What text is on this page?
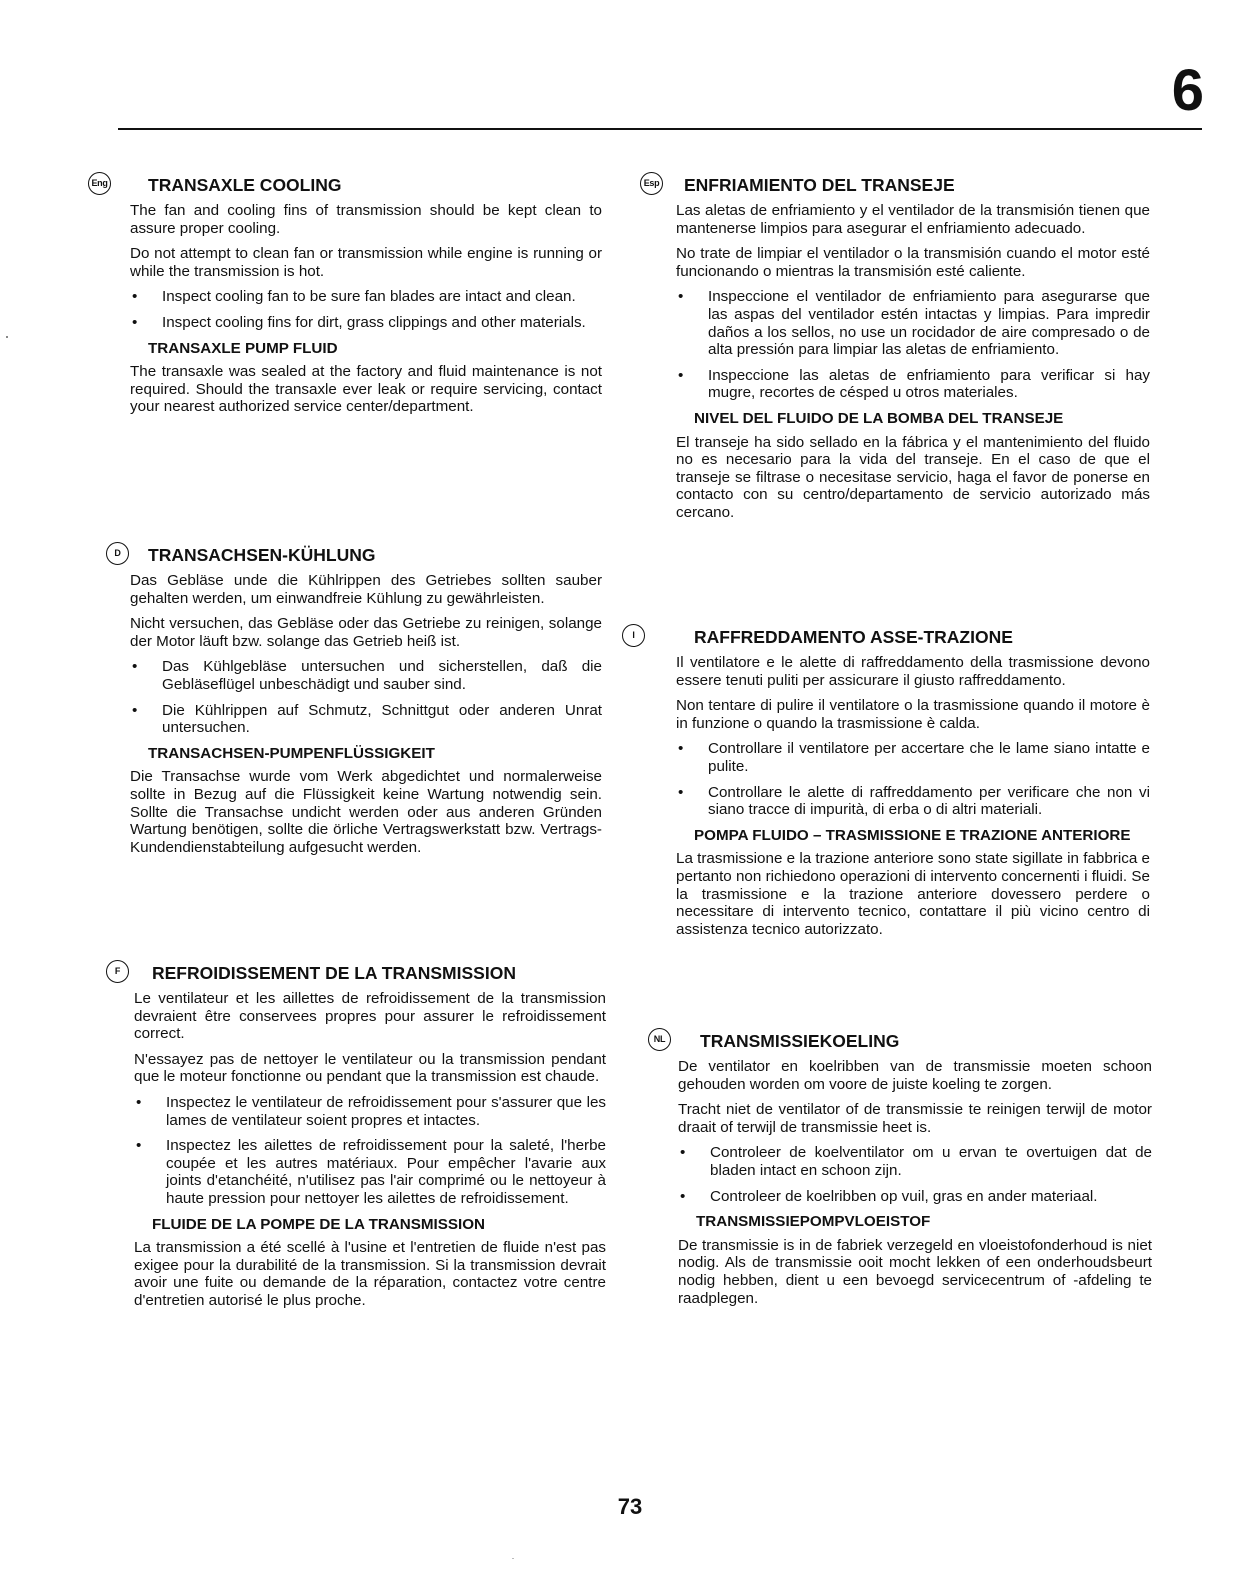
6
Eng TRANSAXLE COOLING

The fan and cooling fins of transmission should be kept clean to assure proper cooling.

Do not attempt to clean fan or transmission while engine is running or while the transmission is hot.

• Inspect cooling fan to be sure fan blades are intact and clean.
• Inspect cooling fins for dirt, grass clippings and other materials.
TRANSAXLE PUMP FLUID

The transaxle was sealed at the factory and fluid maintenance is not required. Should the transaxle ever leak or require servicing, contact your nearest authorized service center/department.

D	TRANSACHSEN-KÜHLUNG

Das Gebläse unde die Kühlrippen des Getriebes sollten sauber gehalten werden, um einwandfreie Kühlung zu gewährleisten.

Nicht versuchen, das Gebläse oder das Getriebe zu reinigen, solange der Motor läuft bzw. solange das Getrieb heiß ist.

• Das Kühlgebläse untersuchen und sicherstellen, daß die Gebläseflügel unbeschädigt und sauber sind.
• Die Kühlrippen auf Schmutz, Schnittgut oder anderen Unrat untersuchen.
TRANSACHSEN-PUMPENFLÜSSIGKEIT

Die Transachse wurde vom Werk abgedichtet und normalerweise sollte in Bezug auf die Flüssigkeit keine Wartung notwendig sein. Sollte die Transachse undicht werden oder aus anderen Gründen Wartung benötigen, sollte die örliche Vertragswerkstatt bzw. Vertrags-Kundendienstabteilung aufgesucht werden.

F	REFROIDISSEMENT DE LA TRANSMISSION

Le ventilateur et les aillettes de refroidissement de la transmission devraient être conservees propres pour assurer le refroidissement correct.

N'essayez pas de nettoyer le ventilateur ou la transmission pendant que le moteur fonctionne ou pendant que la transmission est chaude.

• Inspectez le ventilateur de refroidissement pour s'assurer que les lames de ventilateur soient propres et intactes.
• Inspectez les ailettes de refroidissement pour la saleté, l'herbe coupée et les autres matériaux. Pour empêcher l'avarie aux joints d'etanchéité, n'utilisez pas l'air comprimé ou le nettoyeur à haute pression pour nettoyer les ailettes de refroidissement.
FLUIDE DE LA POMPE DE LA TRANSMISSION

La transmission a été scellé à l'usine et l'entretien de fluide n'est pas exigee pour la durabilité de la transmission. Si la transmission devrait avoir une fuite ou demande de la réparation, contactez votre centre d'entretien autorisé le plus proche.

Esp ENFRIAMIENTO DEL TRANSEJE

Las aletas de enfriamiento y el ventilador de la transmisión tienen que mantenerse limpios para asegurar el enfriamiento adecuado.

No trate de limpiar el ventilador o la transmisión cuando el motor esté funcionando o mientras la transmisión esté caliente.

• Inspeccione el ventilador de enfriamiento para asegurarse que las aspas del ventilador estén intactas y limpias. Para impredir daños a los sellos, no use un rocidador de aire compresado o de alta pressión para limpiar las aletas de enfriamiento.
• Inspeccione las aletas de enfriamiento para verificar si hay mugre, recortes de césped u otros materiales.
NIVEL DEL FLUIDO DE LA BOMBA DEL TRANSEJE

El transeje ha sido sellado en la fábrica y el mantenimiento del fluido no es necesario para la vida del transeje. En el caso de que el transeje se filtrase o necesitase servicio, haga el favor de ponerse en contacto con su centro/departamento de servicio autorizado más cercano.

I	RAFFREDDAMENTO ASSE-TRAZIONE

Il ventilatore e le alette di raffreddamento della trasmissione devono essere tenuti puliti per assicurare il giusto raffreddamento.

Non tentare di pulire il ventilatore o la trasmissione quando il motore è in funzione o quando la trasmissione è calda.

• Controllare il ventilatore per accertare che le lame siano intatte e pulite.
• Controllare le alette di raffreddamento per verificare che non vi siano tracce di impurità, di erba o di altri materiali.
POMPA FLUIDO – TRASMISSIONE E TRAZIONE ANTERIORE

La trasmissione e la trazione anteriore sono state sigillate in fabbrica e pertanto non richiedono operazioni di intervento concernenti i fluidi. Se la trasmissione e la trazione anteriore dovessero perdere o necessitare di intervento tecnico, contattare il più vicino centro di assistenza tecnico autorizzato.

NL	TRANSMISSIEKOELING

De ventilator en koelribben van de transmissie moeten schoon gehouden worden om voore de juiste koeling te zorgen.

Tracht niet de ventilator of de transmissie te reinigen terwijl de motor draait of terwijl de transmissie heet is.

• Controleer de koelventilator om u ervan te overtuigen dat de bladen intact en schoon zijn.
• Controleer de koelribben op vuil, gras en ander materiaal.
TRANSMISSIEPOMPVLOEISTOF

De transmissie is in de fabriek verzegeld en vloeistofonderhoud is niet nodig. Als de transmissie ooit mocht lekken of een onderhoudsbeurt nodig hebben, dient u een bevoegd servicecentrum of -afdeling te raadplegen.

73
